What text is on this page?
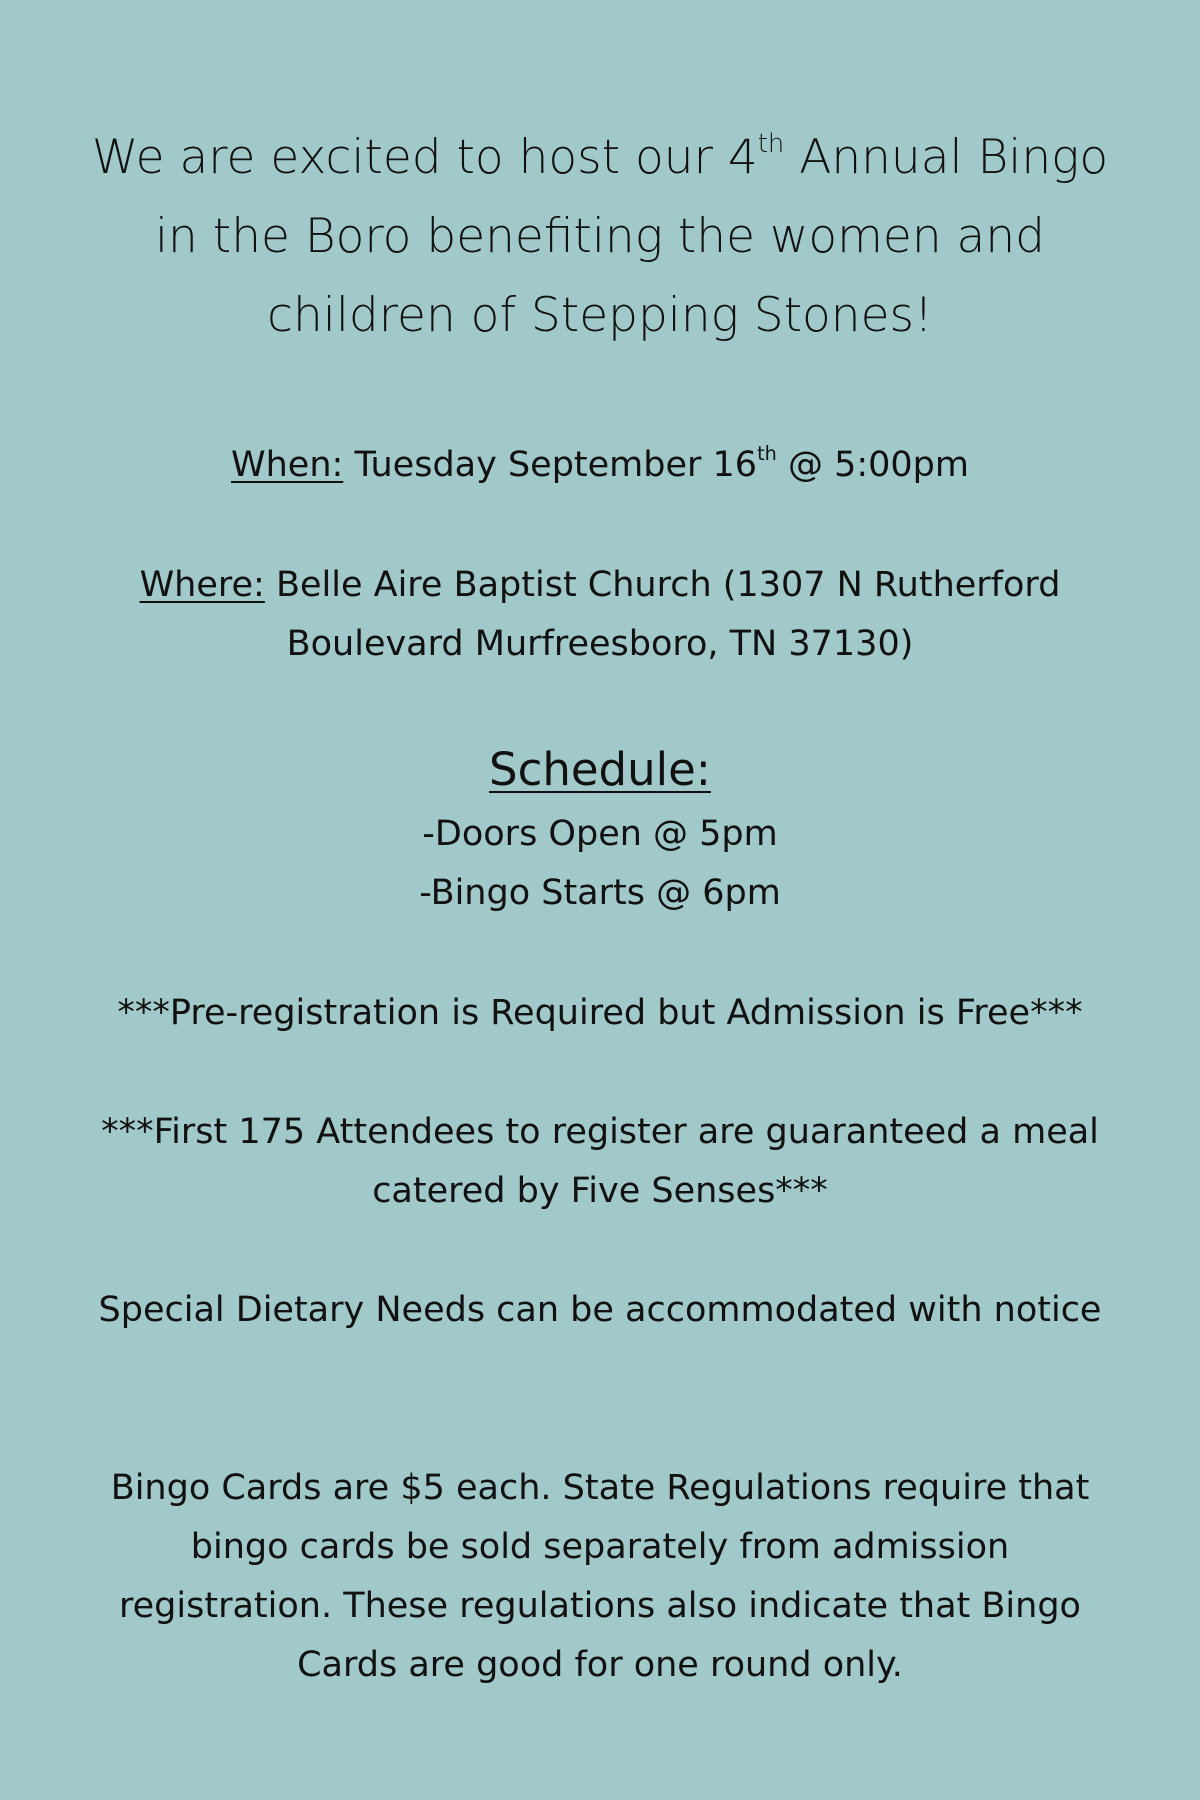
We are excited to host our 4th Annual Bingo in the Boro benefiting the women and children of Stepping Stones!

When: Tuesday September 16th @ 5:00pm

Where: Belle Aire Baptist Church (1307 N Rutherford Boulevard Murfreesboro, TN 37130)

Schedule:

-Doors Open @ 5pm
-Bingo Starts @ 6pm

***Pre-registration is Required but Admission is Free***

***First 175 Attendees to register are guaranteed a meal catered by Five Senses***

Special Dietary Needs can be accommodated with notice

Bingo Cards are $5 each. State Regulations require that bingo cards be sold separately from admission registration. These regulations also indicate that Bingo Cards are good for one round only.
